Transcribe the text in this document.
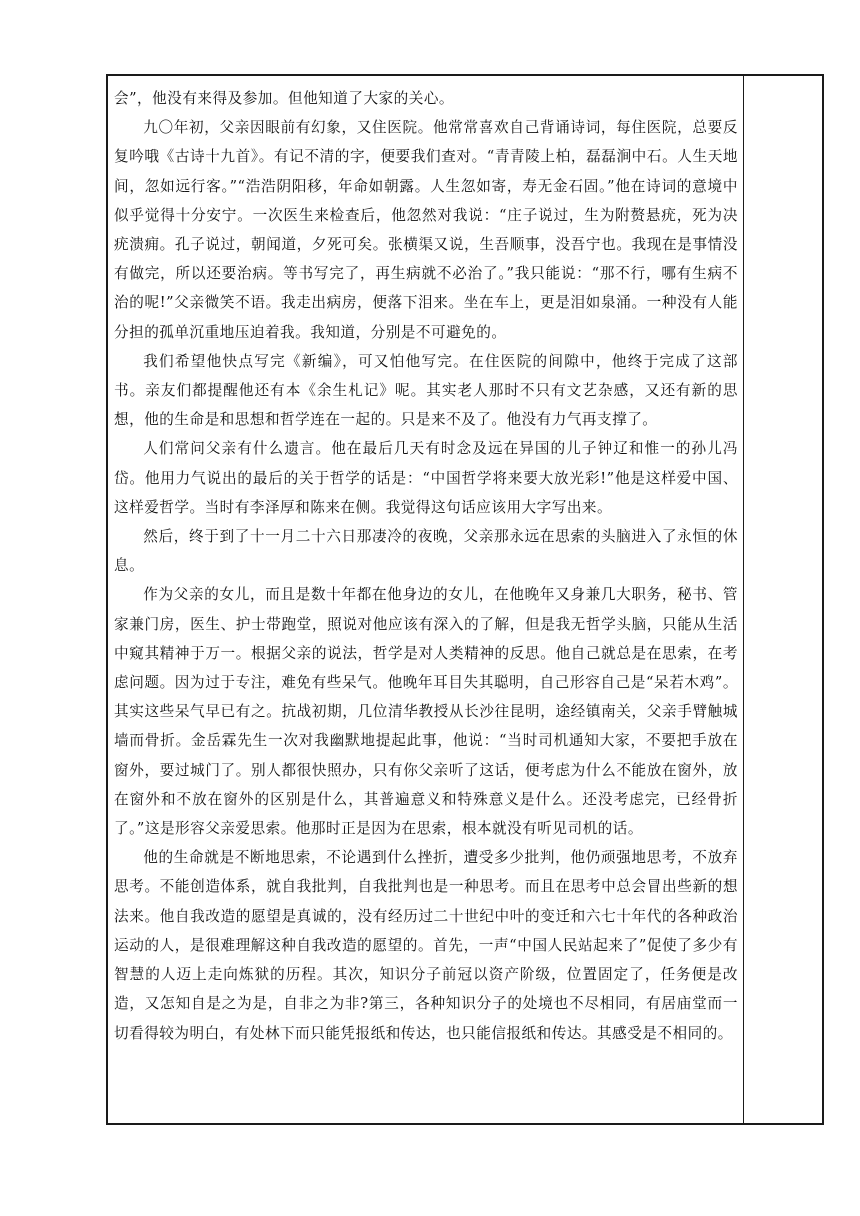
会”，他没有来得及参加。但他知道了大家的关心。

九〇年初，父亲因眼前有幻象，又住医院。他常常喜欢自己背诵诗词，每住医院，总要反复吟哦《古诗十九首》。有记不清的字，便要我们查对。“青青陵上柏，磊磊涧中石。人生天地间，忽如远行客。”“浩浩阴阳移，年命如朝露。人生忽如寄，寿无金石固。”他在诗词的意境中似乎觉得十分安宁。一次医生来检查后，他忽然对我说：“庄子说过，生为附赘悬疣，死为决疣溃痈。孔子说过，朝闻道，夕死可矣。张横渠又说，生吾顺事，没吾宁也。我现在是事情没有做完，所以还要治病。等书写完了，再生病就不必治了。”我只能说：“那不行，哪有生病不治的呢!”父亲微笑不语。我走出病房，便落下泪来。坐在车上，更是泪如泉涌。一种没有人能分担的孤单沉重地压迫着我。我知道，分别是不可避免的。

我们希望他快点写完《新编》，可又怕他写完。在住医院的间隙中，他终于完成了这部书。亲友们都提醒他还有本《余生札记》呢。其实老人那时不只有文艺杂感，又还有新的思想，他的生命是和思想和哲学连在一起的。只是来不及了。他没有力气再支撑了。

人们常问父亲有什么遗言。他在最后几天有时念及远在异国的儿子钟辽和惟一的孙儿冯岱。他用力气说出的最后的关于哲学的话是：“中国哲学将来要大放光彩!”他是这样爱中国、这样爱哲学。当时有李泽厚和陈来在侧。我觉得这句话应该用大字写出来。

然后，终于到了十一月二十六日那凄冷的夜晚，父亲那永远在思索的头脑进入了永恒的休息。

作为父亲的女儿，而且是数十年都在他身边的女儿，在他晚年又身兼几大职务，秘书、管家兼门房，医生、护士带跑堂，照说对他应该有深入的了解，但是我无哲学头脑，只能从生活中窥其精神于万一。根据父亲的说法，哲学是对人类精神的反思。他自己就总是在思索，在考虑问题。因为过于专注，难免有些呆气。他晚年耳目失其聪明，自己形容自己是“呆若木鸡”。其实这些呆气早已有之。抗战初期，几位清华教授从长沙往昆明，途经镇南关，父亲手臂触城墙而骨折。金岳霖先生一次对我幽默地提起此事，他说：“当时司机通知大家，不要把手放在窗外，要过城门了。别人都很快照办，只有你父亲听了这话，便考虑为什么不能放在窗外，放在窗外和不放在窗外的区别是什么，其普遍意义和特殊意义是什么。还没考虑完，已经骨折了。”这是形容父亲爱思索。他那时正是因为在思索，根本就没有听见司机的话。

他的生命就是不断地思索，不论遇到什么挫折，遭受多少批判，他仍顽强地思考，不放弃思考。不能创造体系，就自我批判，自我批判也是一种思考。而且在思考中总会冒出些新的想法来。他自我改造的愿望是真诚的，没有经历过二十世纪中叶的变迁和六七十年代的各种政治运动的人，是很难理解这种自我改造的愿望的。首先，一声“中国人民站起来了”促使了多少有智慧的人迈上走向炼狱的历程。其次，知识分子前冠以资产阶级，位置固定了，任务便是改造，又怎知自是之为是，自非之为非?第三，各种知识分子的处境也不尽相同，有居庙堂而一切看得较为明白，有处林下而只能凭报纸和传达，也只能信报纸和传达。其感受是不相同的。
